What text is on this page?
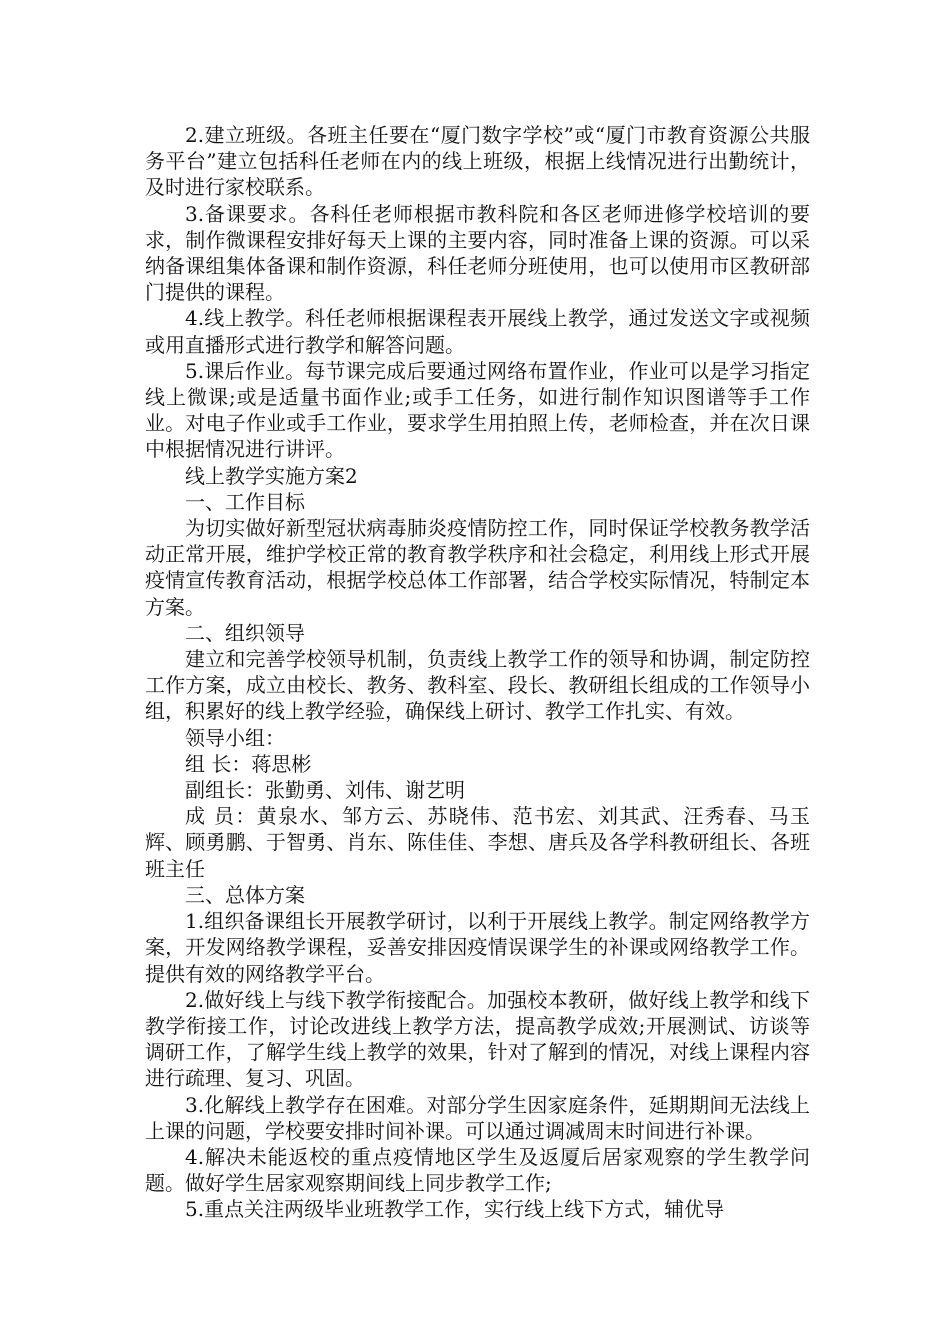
2.建立班级。各班主任要在“厦门数字学校”或“厦门市教育资源公共服务平台”建立包括科任老师在内的线上班级，根据上线情况进行出勤统计，及时进行家校联系。

3.备课要求。各科任老师根据市教科院和各区老师进修学校培训的要求，制作微课程安排好每天上课的主要内容，同时准备上课的资源。可以采纳备课组集体备课和制作资源，科任老师分班使用，也可以使用市区教研部门提供的课程。

4.线上教学。科任老师根据课程表开展线上教学，通过发送文字或视频或用直播形式进行教学和解答问题。

5.课后作业。每节课完成后要通过网络布置作业，作业可以是学习指定线上微课;或是适量书面作业;或手工任务，如进行制作知识图谱等手工作业。对电子作业或手工作业，要求学生用拍照上传，老师检查，并在次日课中根据情况进行讲评。

线上教学实施方案2

一、工作目标

为切实做好新型冠状病毒肺炎疫情防控工作，同时保证学校教务教学活动正常开展，维护学校正常的教育教学秩序和社会稳定，利用线上形式开展疫情宣传教育活动，根据学校总体工作部署，结合学校实际情况，特制定本方案。

二、组织领导

建立和完善学校领导机制，负责线上教学工作的领导和协调，制定防控工作方案，成立由校长、教务、教科室、段长、教研组长组成的工作领导小组，积累好的线上教学经验，确保线上研讨、教学工作扎实、有效。

领导小组：

组 长：蒋思彬

副组长：张勤勇、刘伟、谢艺明

成 员：黄泉水、邹方云、苏晓伟、范书宏、刘其武、汪秀春、马玉辉、顾勇鹏、于智勇、肖东、陈佳佳、李想、唐兵及各学科教研组长、各班班主任

三、总体方案

1.组织备课组长开展教学研讨，以利于开展线上教学。制定网络教学方案，开发网络教学课程，妥善安排因疫情误课学生的补课或网络教学工作。提供有效的网络教学平台。

2.做好线上与线下教学衔接配合。加强校本教研，做好线上教学和线下教学衔接工作，讨论改进线上教学方法，提高教学成效;开展测试、访谈等调研工作，了解学生线上教学的效果，针对了解到的情况，对线上课程内容进行疏理、复习、巩固。

3.化解线上教学存在困难。对部分学生因家庭条件，延期期间无法线上上课的问题，学校要安排时间补课。可以通过调减周末时间进行补课。

4.解决未能返校的重点疫情地区学生及返厦后居家观察的学生教学问题。做好学生居家观察期间线上同步教学工作;

5.重点关注两级毕业班教学工作，实行线上线下方式，辅优导
